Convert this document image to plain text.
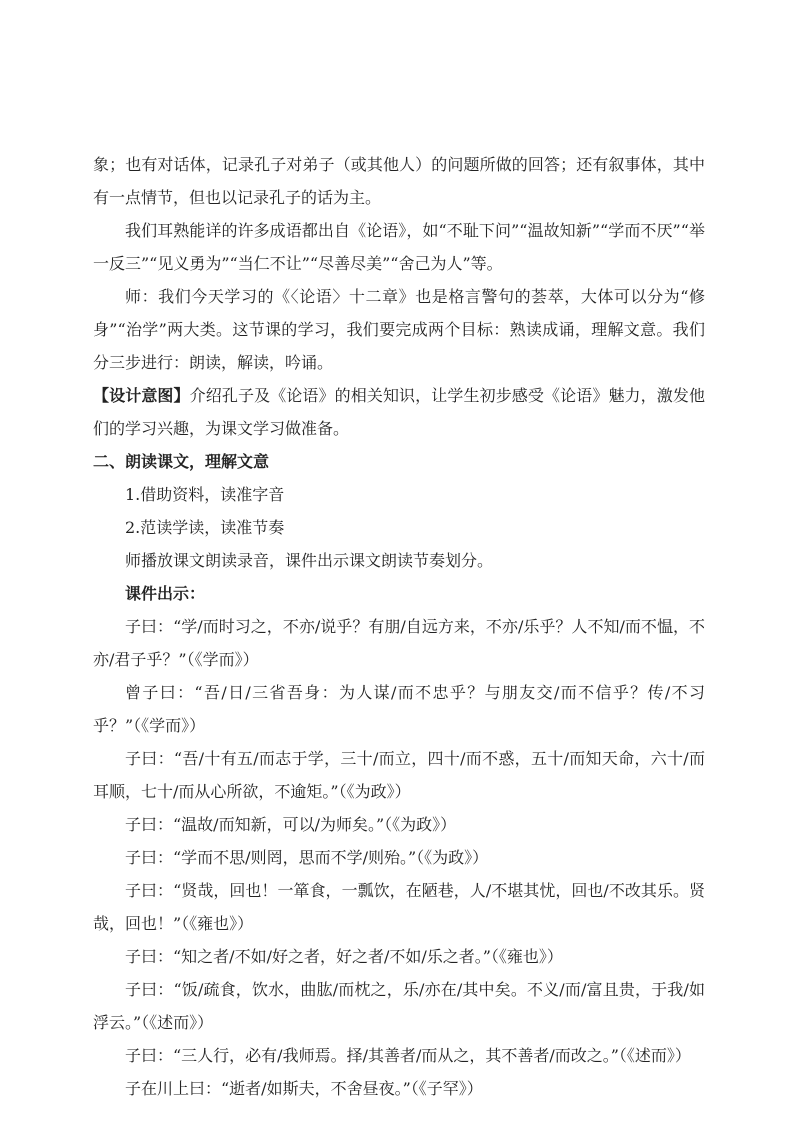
象；也有对话体，记录孔子对弟子（或其他人）的问题所做的回答；还有叙事体，其中有一点情节，但也以记录孔子的话为主。

我们耳熟能详的许多成语都出自《论语》，如“不耻下问”“温故知新”“学而不厌”“举一反三”“见义勇为”“当仁不让”“尽善尽美”“舍己为人”等。

师：我们今天学习的《〈论语〉十二章》也是格言警句的荟萃，大体可以分为“修身”“治学”两大类。这节课的学习，我们要完成两个目标：熟读成诵，理解文意。我们分三步进行：朗读，解读，吟诵。

【设计意图】介绍孔子及《论语》的相关知识，让学生初步感受《论语》魅力，激发他们的学习兴趣，为课文学习做准备。

二、朗读课文，理解文意

1.借助资料，读准字音

2.范读学读，读准节奏

师播放课文朗读录音，课件出示课文朗读节奏划分。

课件出示：

子曰：“学/而时习之，不亦/说乎？有朋/自远方来，不亦/乐乎？人不知/而不愠，不亦/君子乎？”（《学而》）

曾子曰：“吾/日/三省吾身：为人谋/而不忠乎？与朋友交/而不信乎？传/不习乎？”（《学而》）

子曰：“吾/十有五/而志于学，三十/而立，四十/而不惑，五十/而知天命，六十/而耳顺，七十/而从心所欲，不逾矩。”（《为政》）

子曰：“温故/而知新，可以/为师矣。”（《为政》）

子曰：“学而不思/则罔，思而不学/则殆。”（《为政》）

子曰：“贤哉，回也！一箪食，一瓢饮，在陋巷，人/不堪其忧，回也/不改其乐。贤哉，回也！”（《雍也》）

子曰：“知之者/不如/好之者，好之者/不如/乐之者。”（《雍也》）

子曰：“饭/疏食，饮水，曲肱/而枕之，乐/亦在/其中矣。不义/而/富且贵，于我/如浮云。”（《述而》）

子曰：“三人行，必有/我师焉。择/其善者/而从之，其不善者/而改之。”（《述而》）

子在川上曰：“逝者/如斯夫，不舍昼夜。”（《子罕》）
